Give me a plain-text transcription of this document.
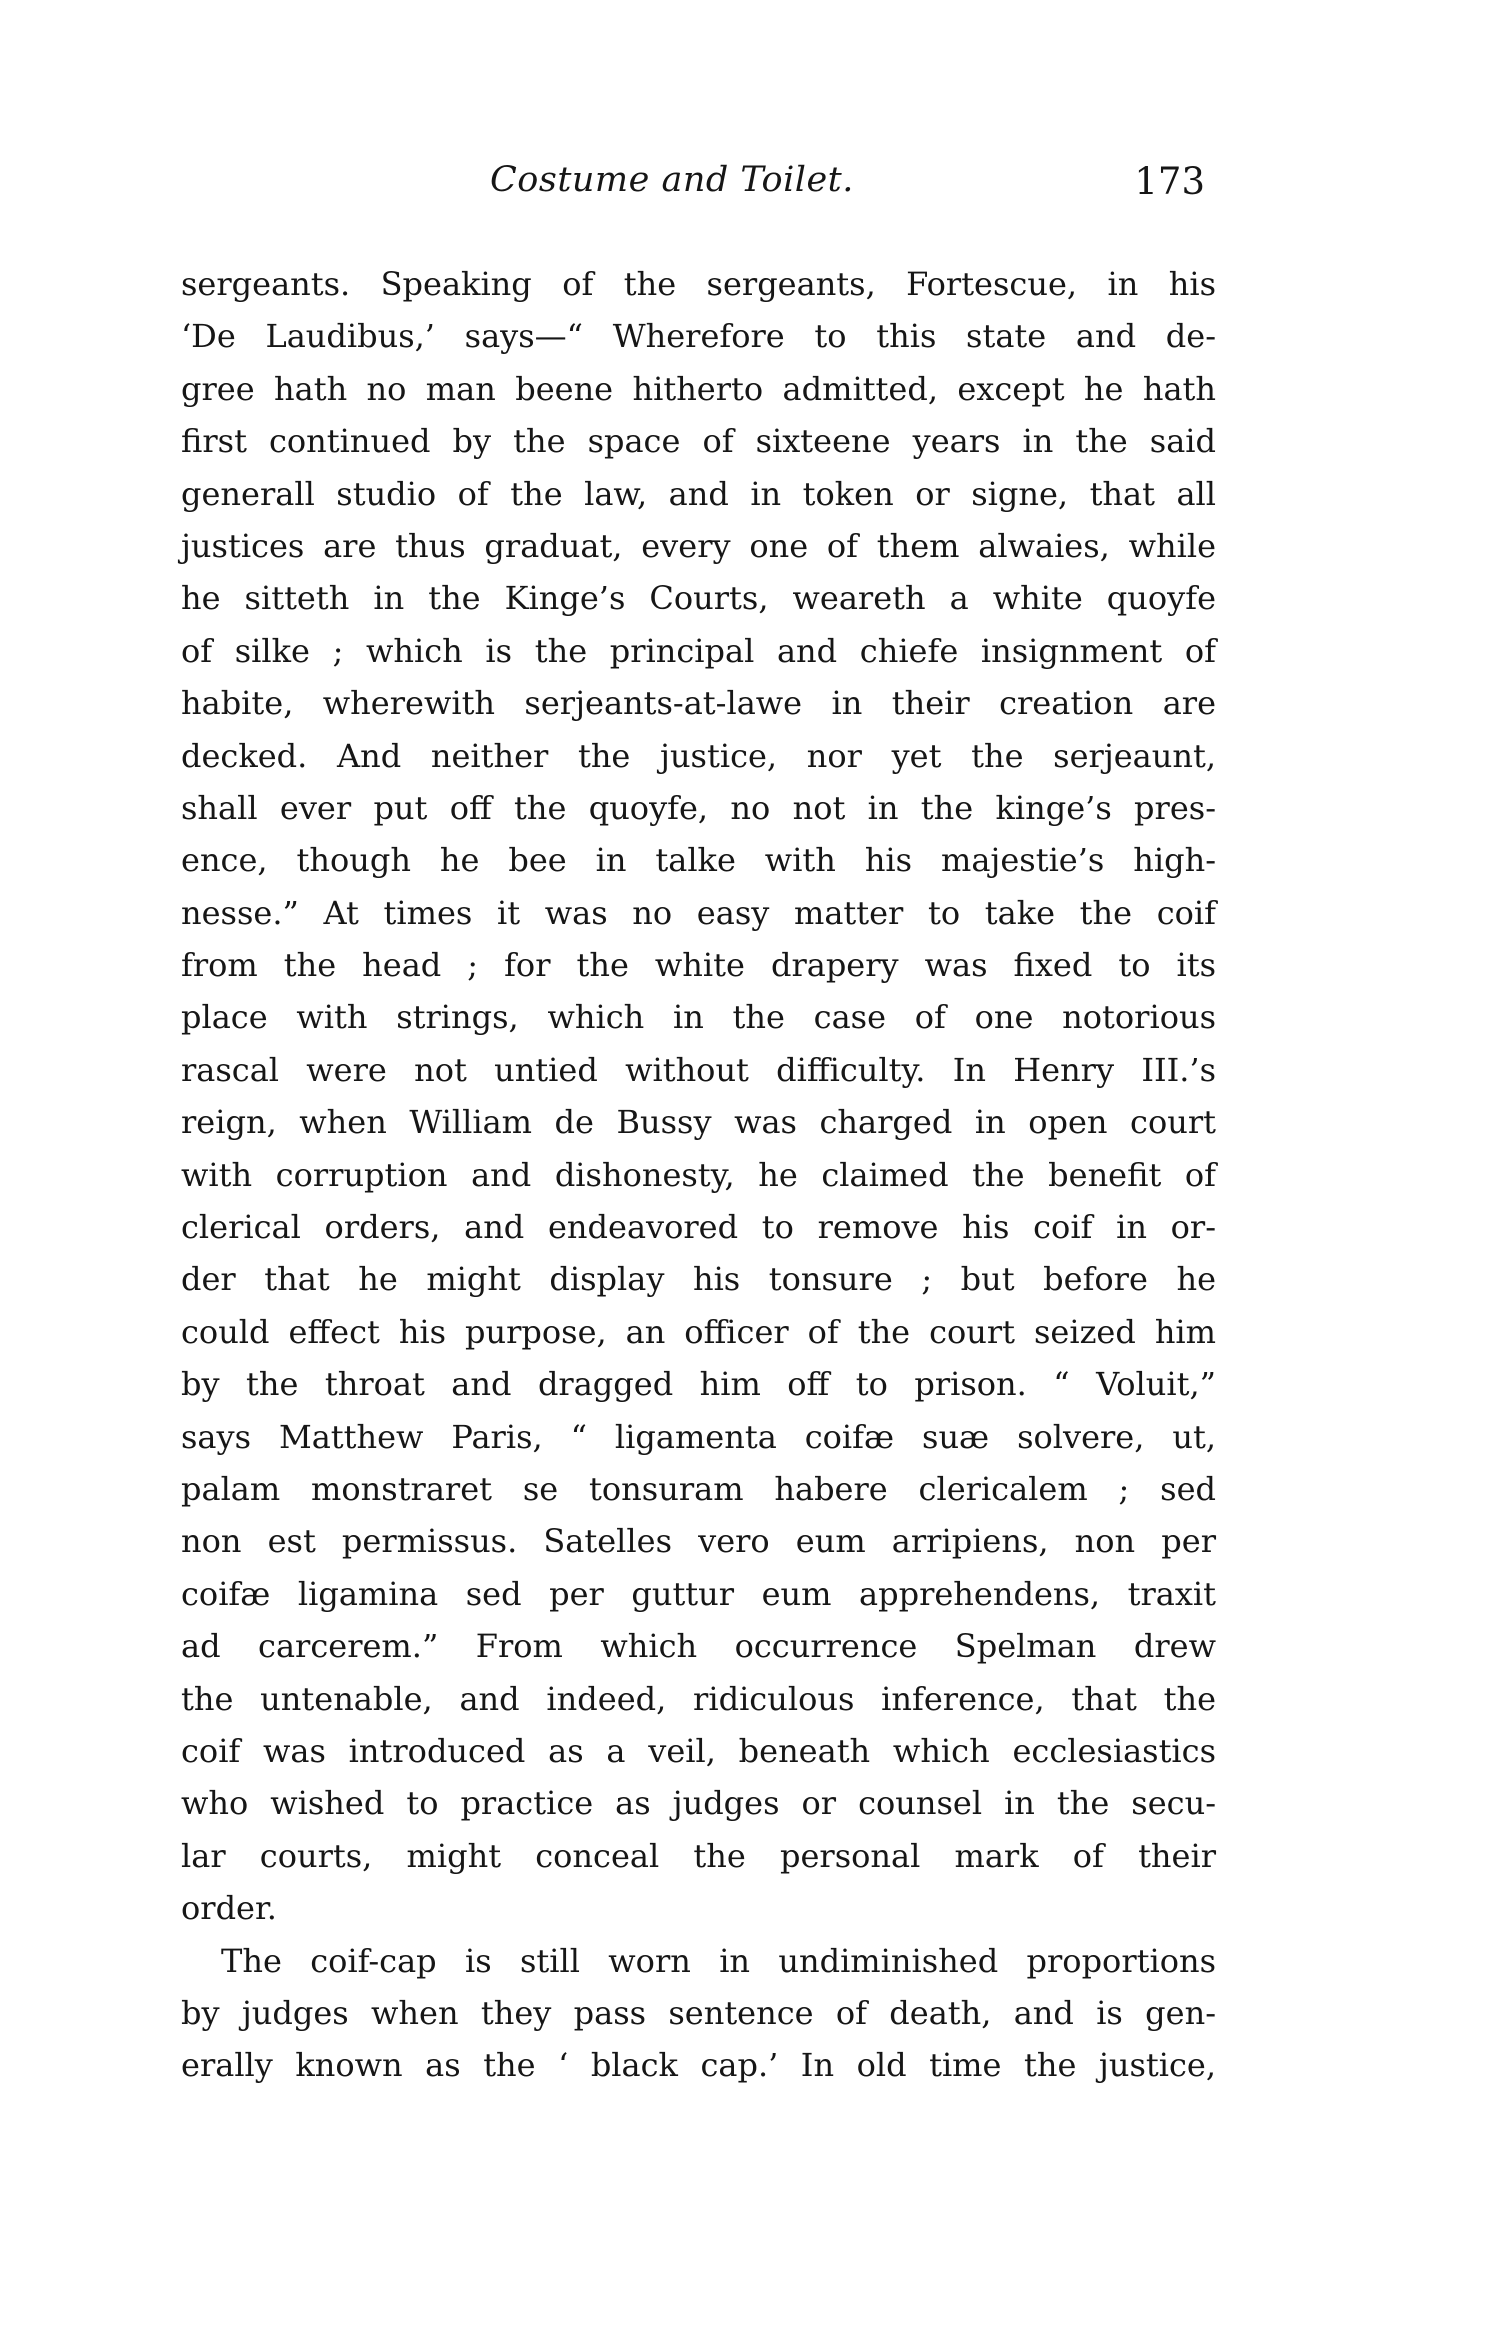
Costume and Toilet.	173
sergeants. Speaking of the sergeants, Fortescue, in his
‘De Laudibus,’ says—“ Wherefore to this state and de-
gree hath no man beene hitherto admitted, except he hath
first continued by the space of sixteene years in the said
generall studio of the law, and in token or signe, that all
justices are thus graduat, every one of them alwaies, while
he sitteth in the Kinge’s Courts, weareth a white quoyfe
of silke ; which is the principal and chiefe insignment of
habite, wherewith serjeants-at-lawe in their creation are
decked. And neither the justice, nor yet the serjeaunt,
shall ever put off the quoyfe, no not in the kinge’s pres-
ence, though he bee in talke with his majestie’s high-
nesse.” At times it was no easy matter to take the coif
from the head ; for the white drapery was fixed to its
place with strings, which in the case of one notorious
rascal were not untied without difficulty. In Henry III.’s
reign, when William de Bussy was charged in open court
with corruption and dishonesty, he claimed the benefit of
clerical orders, and endeavored to remove his coif in or-
der that he might display his tonsure ; but before he
could effect his purpose, an officer of the court seized him
by the throat and dragged him off to prison. “ Voluit,”
says Matthew Paris, “ ligamenta coifæ suæ solvere, ut,
palam monstraret se tonsuram habere clericalem ; sed
non est permissus. Satelles vero eum arripiens, non per
coifæ ligamina sed per guttur eum apprehendens, traxit
ad carcerem.” From which occurrence Spelman drew
the untenable, and indeed, ridiculous inference, that the
coif was introduced as a veil, beneath which ecclesiastics
who wished to practice as judges or counsel in the secu-
lar courts, might conceal the personal mark of their
order.
The coif-cap is still worn in undiminished proportions
by judges when they pass sentence of death, and is gen-
erally known as the ‘ black cap.’ In old time the justice,
